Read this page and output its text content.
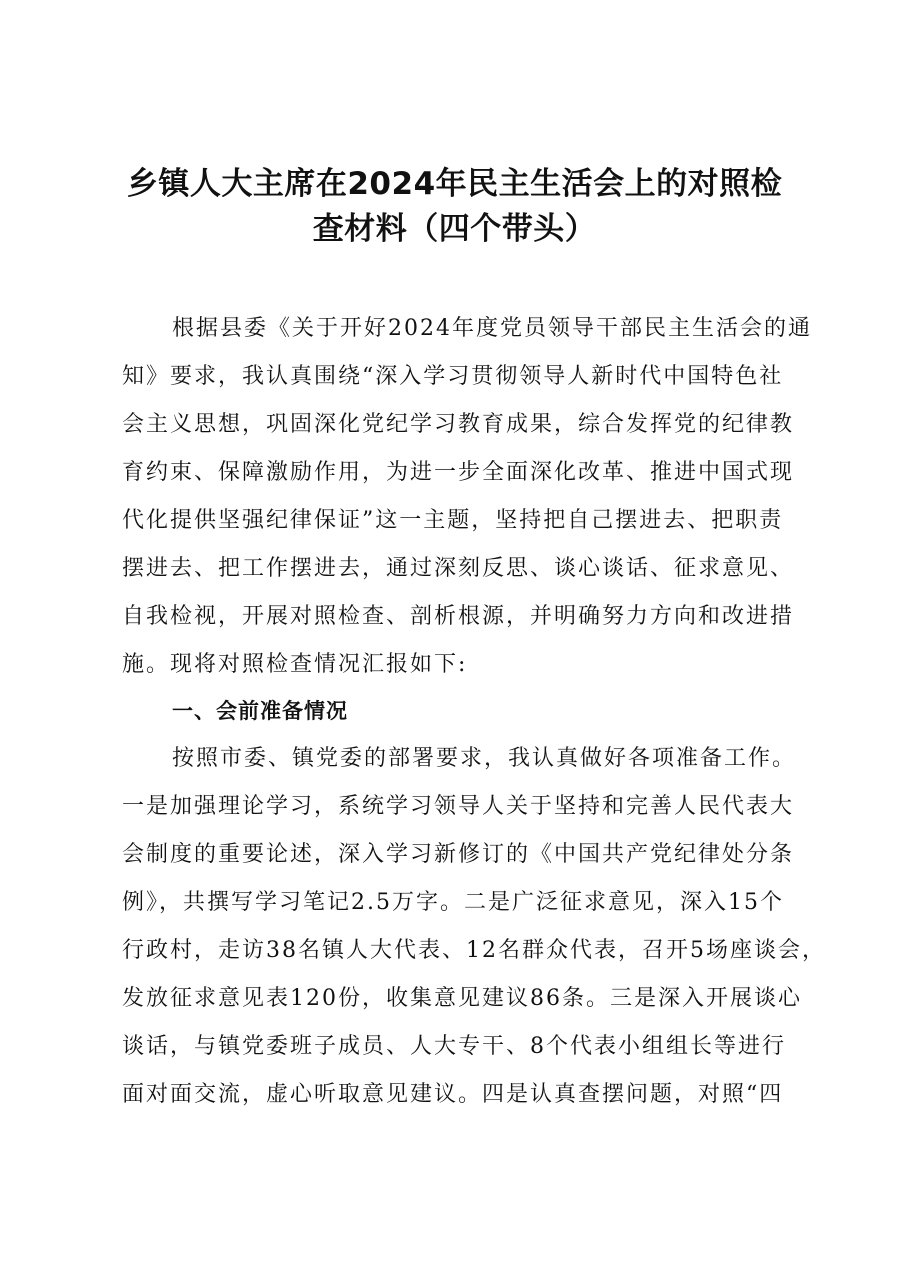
乡镇人大主席在2024年民主生活会上的对照检
查材料（四个带头）
根据县委《关于开好2024年度党员领导干部民主生活会的通
知》要求，我认真围绕“深入学习贯彻领导人新时代中国特色社
会主义思想，巩固深化党纪学习教育成果，综合发挥党的纪律教
育约束、保障激励作用，为进一步全面深化改革、推进中国式现
代化提供坚强纪律保证”这一主题，坚持把自己摆进去、把职责
摆进去、把工作摆进去，通过深刻反思、谈心谈话、征求意见、
自我检视，开展对照检查、剖析根源，并明确努力方向和改进措
施。现将对照检查情况汇报如下:
一、会前准备情况
按照市委、镇党委的部署要求，我认真做好各项准备工作。
一是加强理论学习，系统学习领导人关于坚持和完善人民代表大
会制度的重要论述，深入学习新修订的《中国共产党纪律处分条
例》，共撰写学习笔记2.5万字。二是广泛征求意见，深入15个
行政村，走访38名镇人大代表、12名群众代表，召开5场座谈会，
发放征求意见表120份，收集意见建议86条。三是深入开展谈心
谈话，与镇党委班子成员、人大专干、8个代表小组组长等进行
面对面交流，虚心听取意见建议。四是认真查摆问题，对照“四
